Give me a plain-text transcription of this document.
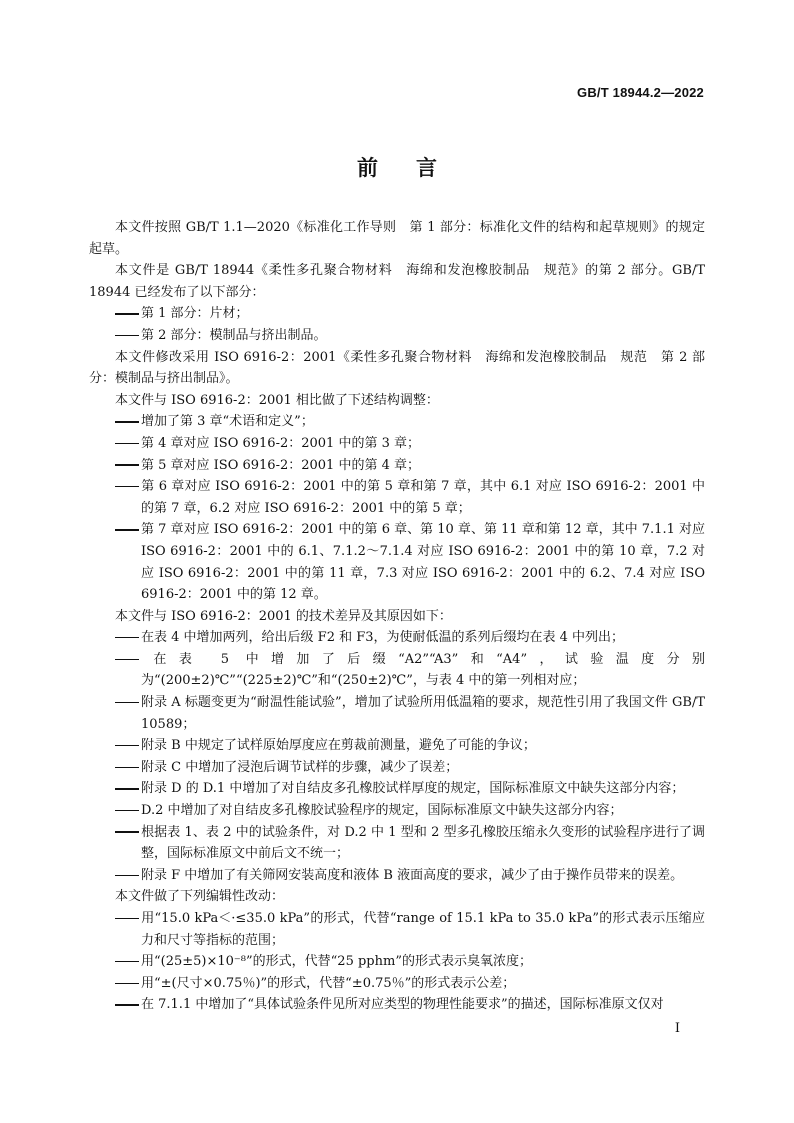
GB/T 18944.2—2022
前言
本文件按照 GB/T 1.1—2020《标准化工作导则　第 1 部分：标准化文件的结构和起草规则》的规定起草。
本文件是 GB/T 18944《柔性多孔聚合物材料　海绵和发泡橡胶制品　规范》的第 2 部分。GB/T 18944 已经发布了以下部分：
第 1 部分：片材；
第 2 部分：模制品与挤出制品。
本文件修改采用 ISO 6916-2：2001《柔性多孔聚合物材料　海绵和发泡橡胶制品　规范　第 2 部分：模制品与挤出制品》。
本文件与 ISO 6916-2：2001 相比做了下述结构调整：
增加了第 3 章“术语和定义”；
第 4 章对应 ISO 6916-2：2001 中的第 3 章；
第 5 章对应 ISO 6916-2：2001 中的第 4 章；
第 6 章对应 ISO 6916-2：2001 中的第 5 章和第 7 章，其中 6.1 对应 ISO 6916-2：2001 中的第 7 章，6.2 对应 ISO 6916-2：2001 中的第 5 章；
第 7 章对应 ISO 6916-2：2001 中的第 6 章、第 10 章、第 11 章和第 12 章，其中 7.1.1 对应 ISO 6916-2：2001 中的 6.1、7.1.2～7.1.4 对应 ISO 6916-2：2001 中的第 10 章，7.2 对应 ISO 6916-2：2001 中的第 11 章，7.3 对应 ISO 6916-2：2001 中的 6.2、7.4 对应 ISO 6916-2：2001 中的第 12 章。
本文件与 ISO 6916-2：2001 的技术差异及其原因如下：
在表 4 中增加两列，给出后级 F2 和 F3，为使耐低温的系列后缀均在表 4 中列出；
在表 5 中增加了后缀“A2”“A3”和“A4”，试验温度分别为“(200±2)℃”“(225±2)℃”和“(250±2)℃”，与表 4 中的第一列相对应；
附录 A 标题变更为“耐温性能试验”，增加了试验所用低温箱的要求，规范性引用了我国文件 GB/T 10589；
附录 B 中规定了试样原始厚度应在剪裁前测量，避免了可能的争议；
附录 C 中增加了浸泡后调节试样的步骤，减少了误差；
附录 D 的 D.1 中增加了对自结皮多孔橡胶试样厚度的规定，国际标准原文中缺失这部分内容；
D.2 中增加了对自结皮多孔橡胶试验程序的规定，国际标准原文中缺失这部分内容；
根据表 1、表 2 中的试验条件，对 D.2 中 1 型和 2 型多孔橡胶压缩永久变形的试验程序进行了调整，国际标准原文中前后文不统一；
附录 F 中增加了有关筛网安装高度和液体 B 液面高度的要求，减少了由于操作员带来的误差。
本文件做了下列编辑性改动：
用“15.0 kPa＜·≤35.0 kPa”的形式，代替“range of 15.1 kPa to 35.0 kPa”的形式表示压缩应力和尺寸等指标的范围；
用“(25±5)×10⁻⁸”的形式，代替“25 pphm”的形式表示臭氧浓度；
用“±(尺寸×0.75％)”的形式，代替“±0.75％”的形式表示公差；
在 7.1.1 中增加了“具体试验条件见所对应类型的物理性能要求”的描述，国际标准原文仅对
I
